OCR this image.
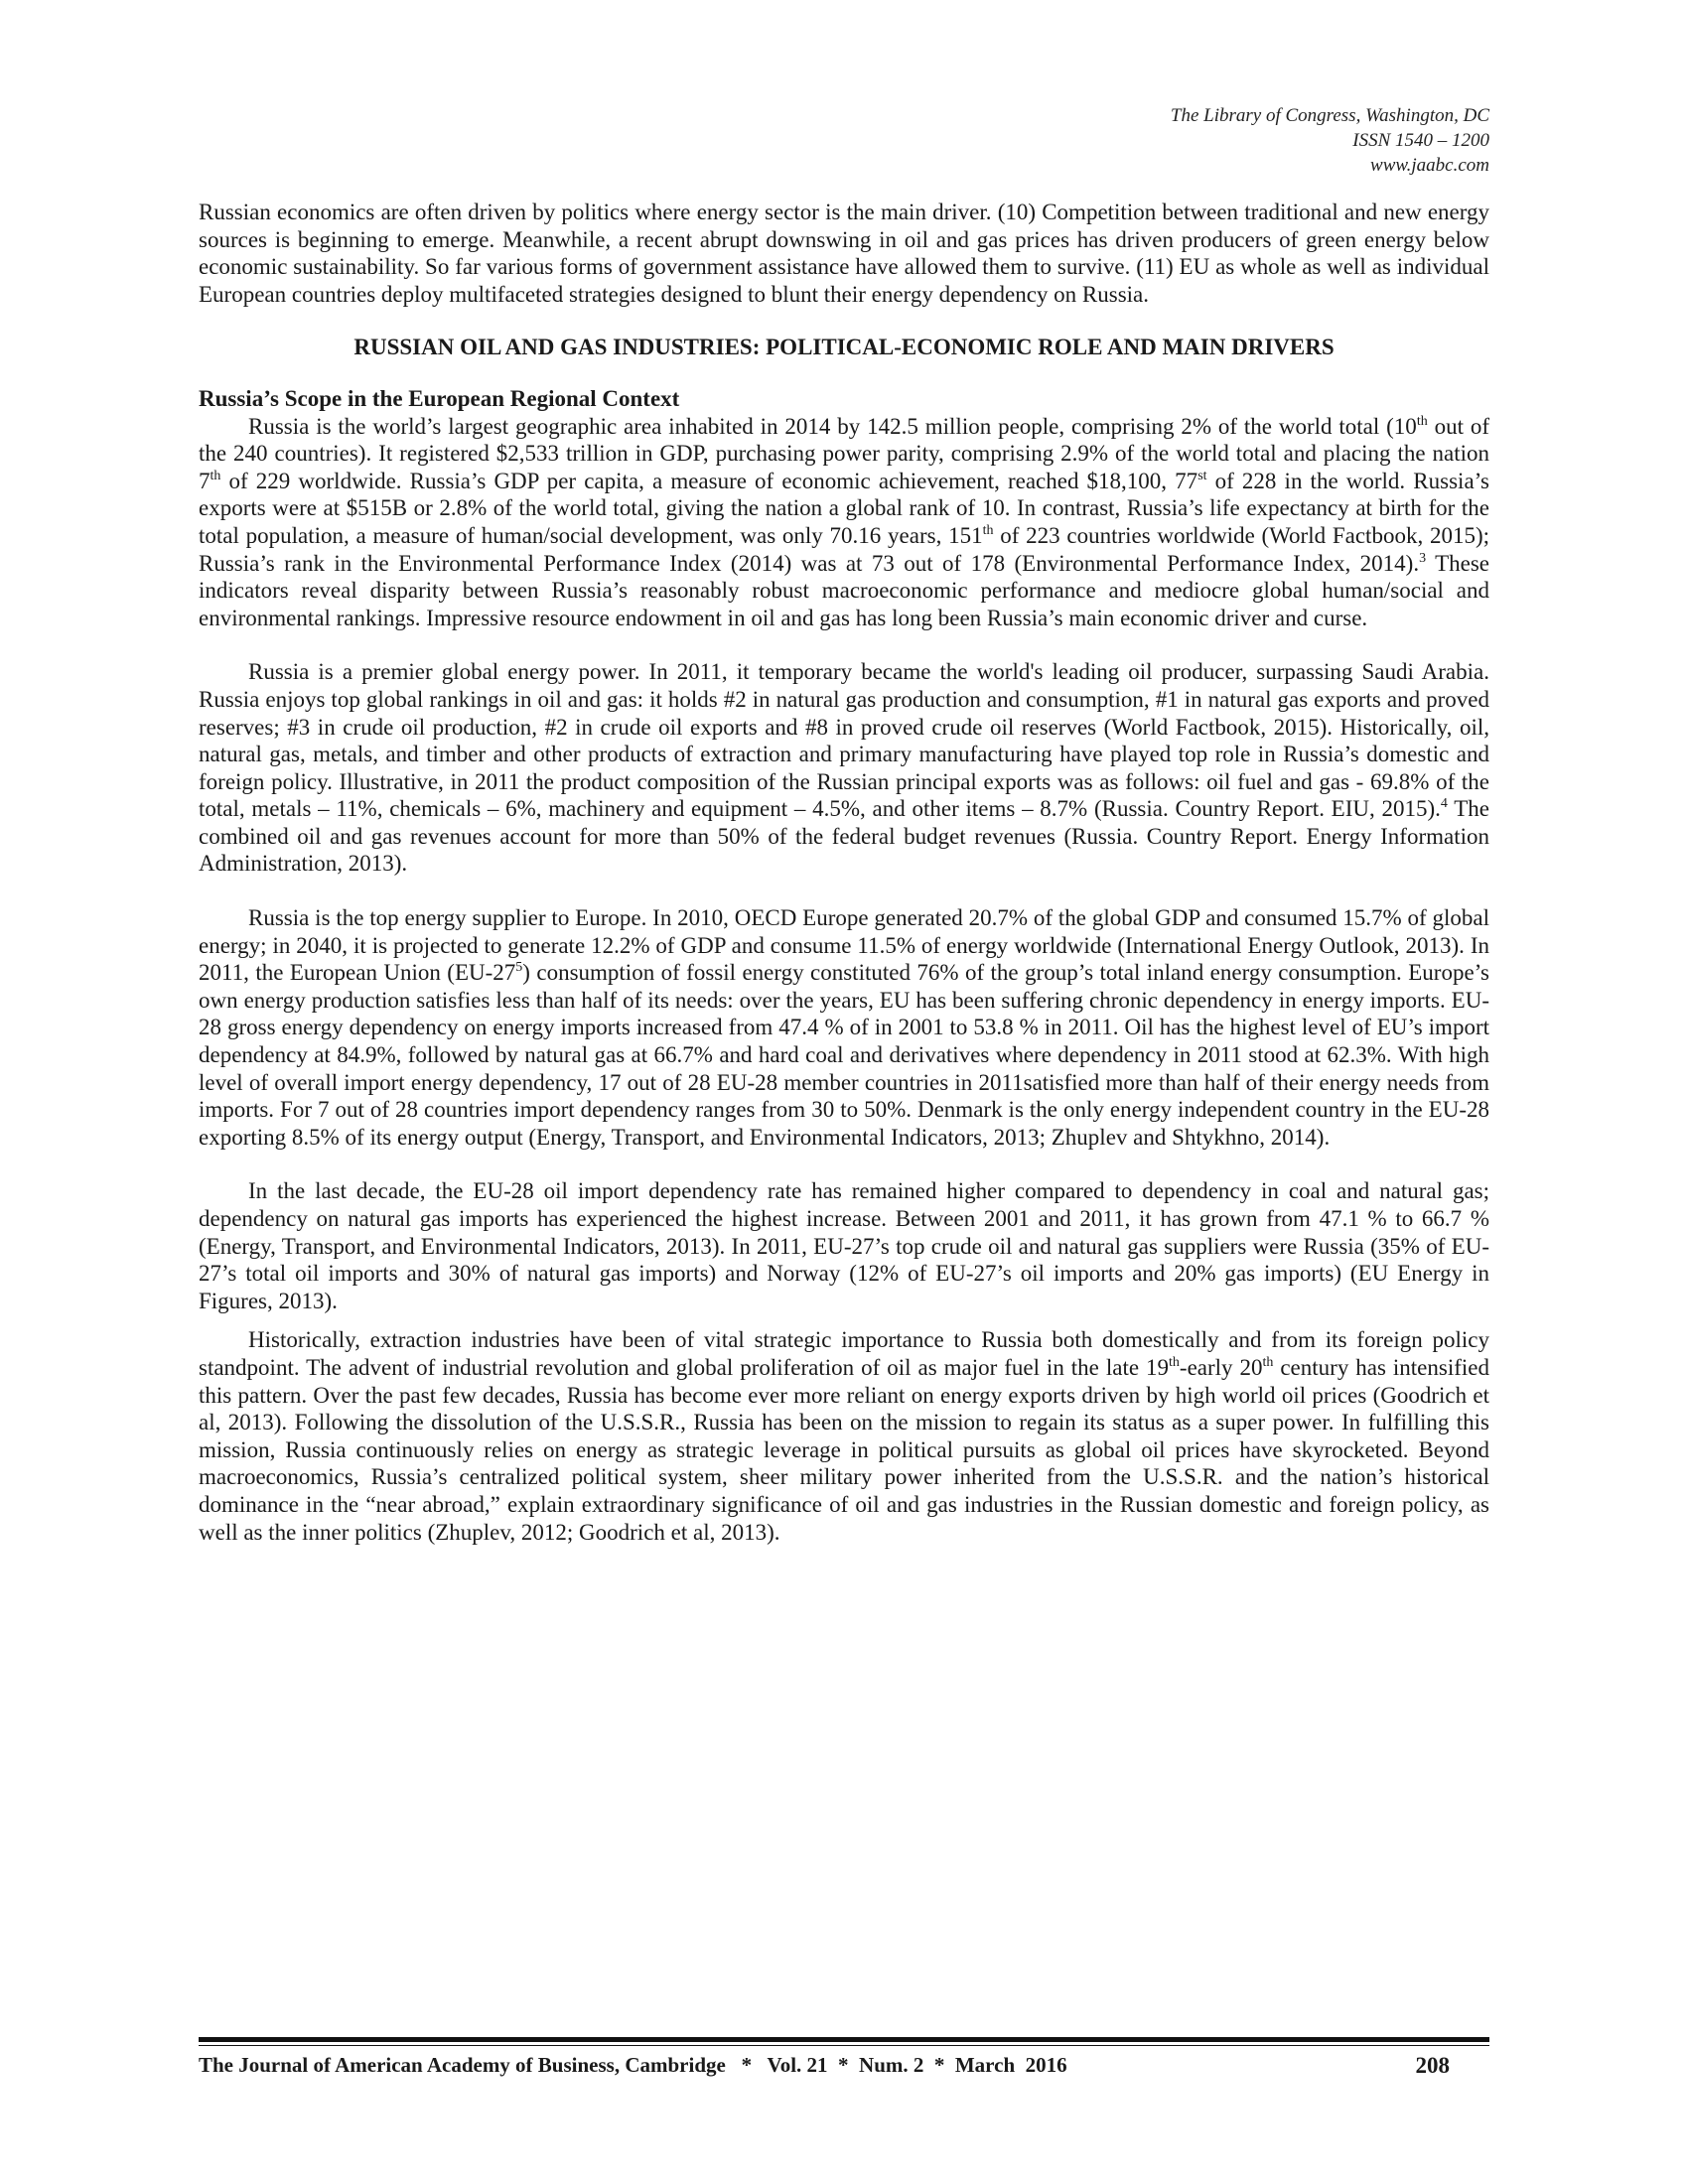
The Library of Congress, Washington, DC
ISSN 1540 – 1200
www.jaabc.com

Russian economics are often driven by politics where energy sector is the main driver. (10) Competition between traditional and new energy sources is beginning to emerge. Meanwhile, a recent abrupt downswing in oil and gas prices has driven producers of green energy below economic sustainability. So far various forms of government assistance have allowed them to survive. (11) EU as whole as well as individual European countries deploy multifaceted strategies designed to blunt their energy dependency on Russia.

RUSSIAN OIL AND GAS INDUSTRIES: POLITICAL-ECONOMIC ROLE AND MAIN DRIVERS
Russia’s Scope in the European Regional Context

Russia is the world’s largest geographic area inhabited in 2014 by 142.5 million people, comprising 2% of the world total (10th out of the 240 countries). It registered $2,533 trillion in GDP, purchasing power parity, comprising 2.9% of the world total and placing the nation 7th of 229 worldwide. Russia’s GDP per capita, a measure of economic achievement, reached $18,100, 77st of 228 in the world. Russia’s exports were at $515B or 2.8% of the world total, giving the nation a global rank of 10. In contrast, Russia’s life expectancy at birth for the total population, a measure of human/social development, was only 70.16 years, 151th of 223 countries worldwide (World Factbook, 2015); Russia’s rank in the Environmental Performance Index (2014) was at 73 out of 178 (Environmental Performance Index, 2014).$^3$ These indicators reveal disparity between Russia’s reasonably robust macroeconomic performance and mediocre global human/social and environmental rankings. Impressive resource endowment in oil and gas has long been Russia’s main economic driver and curse.

Russia is a premier global energy power. In 2011, it temporary became the world's leading oil producer, surpassing Saudi Arabia. Russia enjoys top global rankings in oil and gas: it holds #2 in natural gas production and consumption, #1 in natural gas exports and proved reserves; #3 in crude oil production, #2 in crude oil exports and #8 in proved crude oil reserves (World Factbook, 2015). Historically, oil, natural gas, metals, and timber and other products of extraction and primary manufacturing have played top role in Russia’s domestic and foreign policy. Illustrative, in 2011 the product composition of the Russian principal exports was as follows: oil fuel and gas - 69.8% of the total, metals – 11%, chemicals – 6%, machinery and equipment – 4.5%, and other items – 8.7% (Russia. Country Report. EIU, 2015).$^4$ The combined oil and gas revenues account for more than 50% of the federal budget revenues (Russia. Country Report. Energy Information Administration, 2013).

Russia is the top energy supplier to Europe. In 2010, OECD Europe generated 20.7% of the global GDP and consumed 15.7% of global energy; in 2040, it is projected to generate 12.2% of GDP and consume 11.5% of energy worldwide (International Energy Outlook, 2013). In 2011, the European Union $(EU-27^5)$ consumption of fossil energy constituted 76% of the group’s total inland energy consumption. Europe’s own energy production satisfies less than half of its needs: over the years, EU has been suffering chronic dependency in energy imports. EU-28 gross energy dependency on energy imports increased from 47.4 % of in 2001 to 53.8 % in 2011. Oil has the highest level of EU’s import dependency at 84.9%, followed by natural gas at 66.7% and hard coal and derivatives where dependency in 2011 stood at 62.3%. With high level of overall import energy dependency, 17 out of 28 EU-28 member countries in 2011satisfied more than half of their energy needs from imports. For 7 out of 28 countries import dependency ranges from 30 to 50%. Denmark is the only energy independent country in the EU-28 exporting 8.5% of its energy output (Energy, Transport, and Environmental Indicators, 2013; Zhuplev and Shtykhno, 2014).

In the last decade, the EU-28 oil import dependency rate has remained higher compared to dependency in coal and natural gas; dependency on natural gas imports has experienced the highest increase. Between 2001 and 2011, it has grown from 47.1 % to 66.7 % (Energy, Transport, and Environmental Indicators, 2013). In 2011, EU-27’s top crude oil and natural gas suppliers were Russia (35% of EU-27’s total oil imports and 30% of natural gas imports) and Norway (12% of EU-27’s oil imports and 20% gas imports) (EU Energy in Figures, 2013).

Historically, extraction industries have been of vital strategic importance to Russia both domestically and from its foreign policy standpoint. The advent of industrial revolution and global proliferation of oil as major fuel in the late 19th-early 20th century has intensified this pattern. Over the past few decades, Russia has become ever more reliant on energy exports driven by high world oil prices (Goodrich et al, 2013). Following the dissolution of the U.S.S.R., Russia has been on the mission to regain its status as a super power. In fulfilling this mission, Russia continuously relies on energy as strategic leverage in political pursuits as global oil prices have skyrocketed. Beyond macroeconomics, Russia’s centralized political system, sheer military power inherited from the U.S.S.R. and the nation’s historical dominance in the “near abroad,” explain extraordinary significance of oil and gas industries in the Russian domestic and foreign policy, as well as the inner politics (Zhuplev, 2012; Goodrich et al, 2013).

The Journal of American Academy of Business, Cambridge   *   Vol. 21  *  Num. 2  *  March  2016	208
